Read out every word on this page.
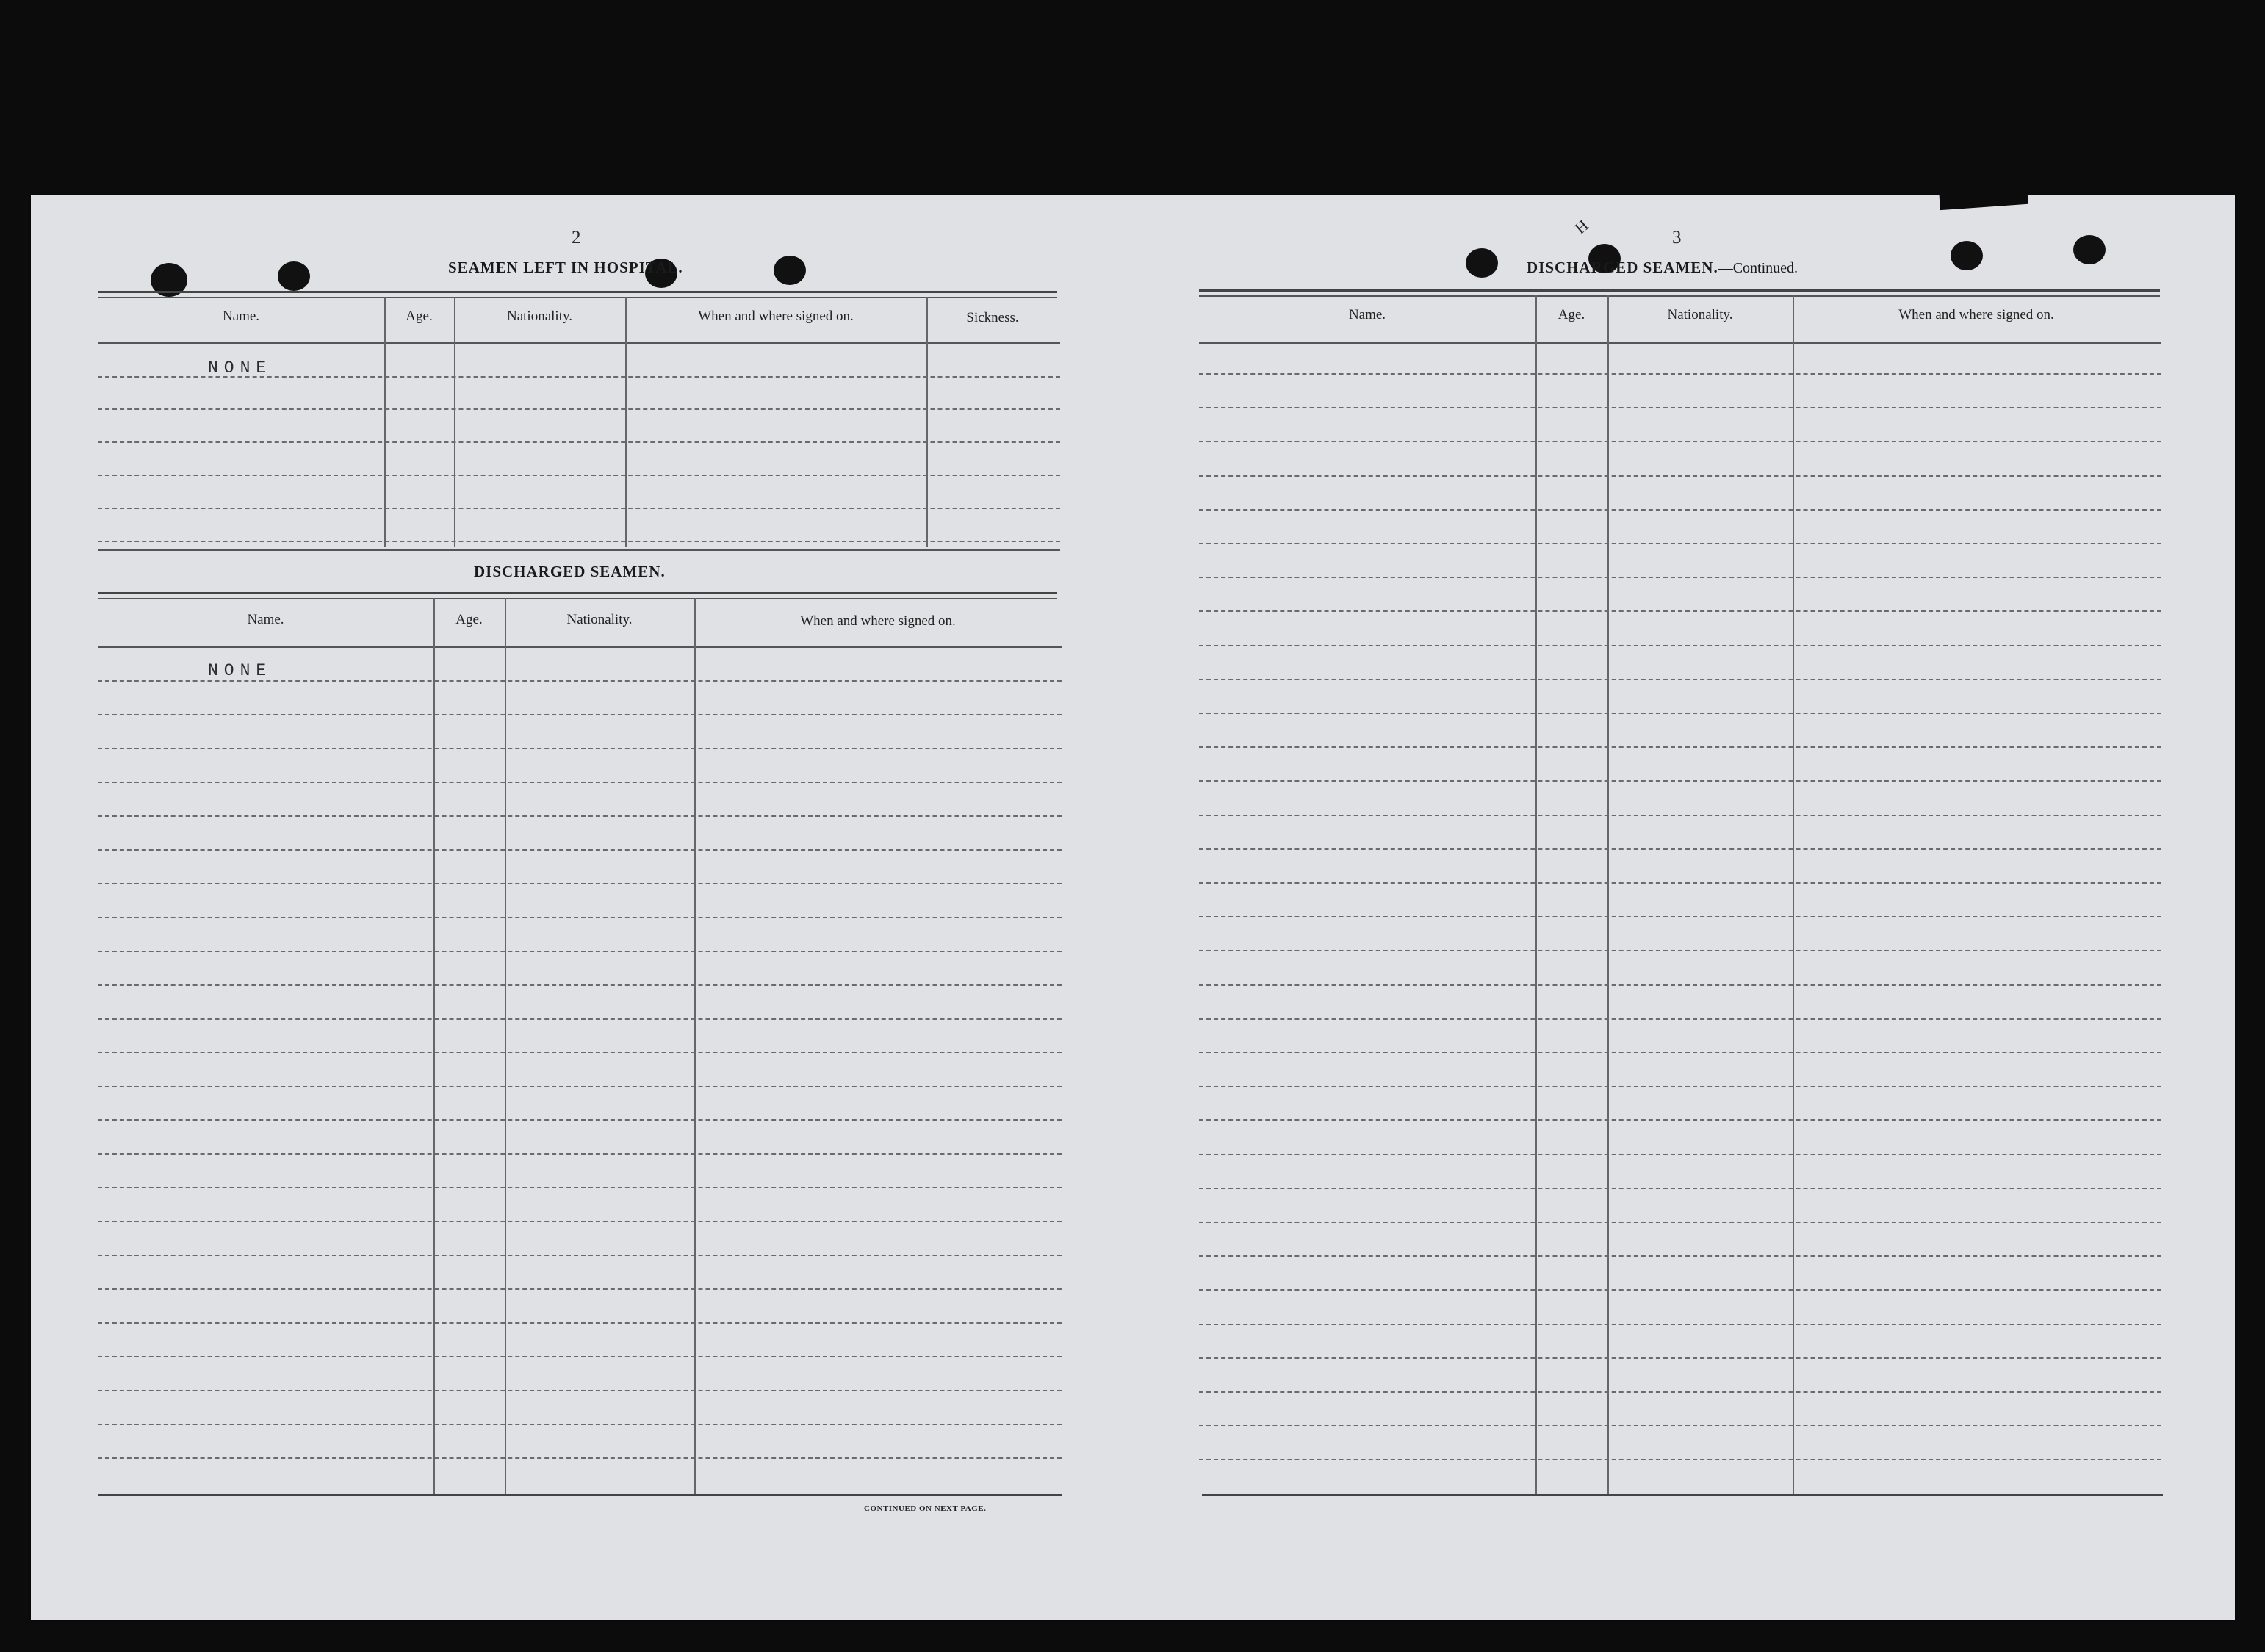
2
SEAMEN LEFT IN HOSPITAL.
Name.	Age.	Nationality.	When and where signed on.	Sickness.
NONE
DISCHARGED SEAMEN.
Name.	Age.	Nationality.	When and where signed on.
NONE
CONTINUED ON NEXT PAGE.
H
3
DISCHARGED SEAMEN.—Continued.
Name.	Age.	Nationality.	When and where signed on.
